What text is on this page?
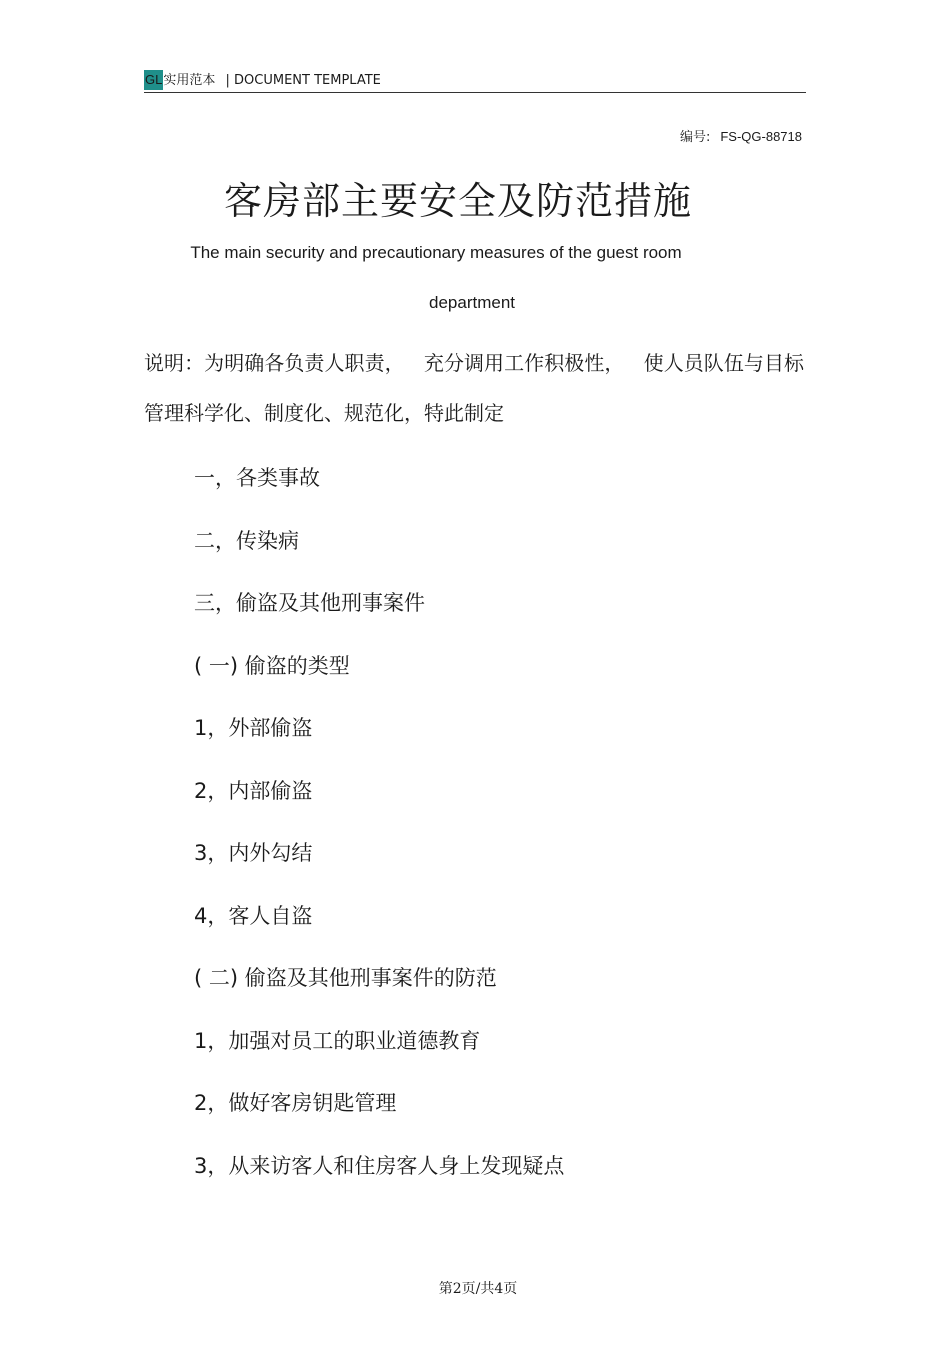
GL实用范本 | DOCUMENT TEMPLATE
编号: FS-QG-88718
客房部主要安全及防范措施
The main security and precautionary measures of the guest room
department
说明：为明确各负责人职责， 充分调用工作积极性， 使人员队伍与目标管理科学化、制度化、规范化，特此制定
一，各类事故
二，传染病
三，偷盗及其他刑事案件
( 一) 偷盗的类型
1，外部偷盗
2，内部偷盗
3，内外勾结
4，客人自盗
( 二) 偷盗及其他刑事案件的防范
1，加强对员工的职业道德教育
2，做好客房钥匙管理
3，从来访客人和住房客人身上发现疑点
第2页/共4页
